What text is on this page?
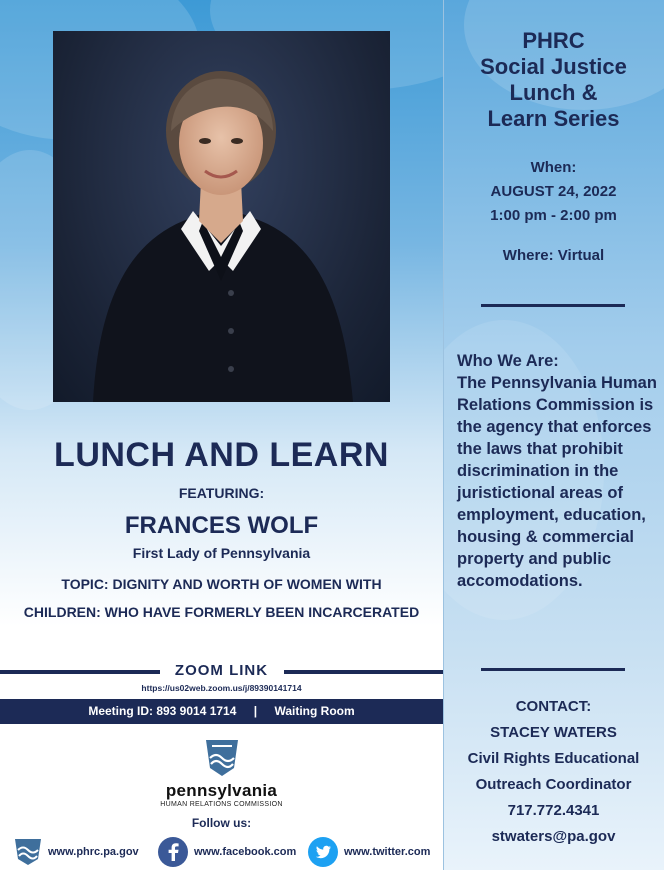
PHRC
Social Justice
Lunch &
Learn Series
When:
AUGUST 24, 2022
1:00 pm - 2:00 pm
Where: Virtual
Who We Are:
The Pennsylvania Human
Relations Commission is
the agency that enforces
the laws that prohibit
discrimination in the
juristictional areas of
employment, education,
housing & commercial
property and public
accomodations.
CONTACT:
STACEY WATERS
Civil Rights Educational
Outreach Coordinator
717.772.4341
stwaters@pa.gov
LUNCH AND LEARN
FEATURING:
FRANCES WOLF
First Lady of Pennsylvania
TOPIC: DIGNITY AND WORTH OF WOMEN WITH
CHILDREN: WHO HAVE FORMERLY BEEN INCARCERATED
ZOOM LINK
https://us02web.zoom.us/j/89390141714
Meeting ID: 893 9014 1714 | Waiting Room
pennsylvania
HUMAN RELATIONS COMMISSION
Follow us:
www.phrc.pa.gov	www.facebook.com	www.twitter.com
